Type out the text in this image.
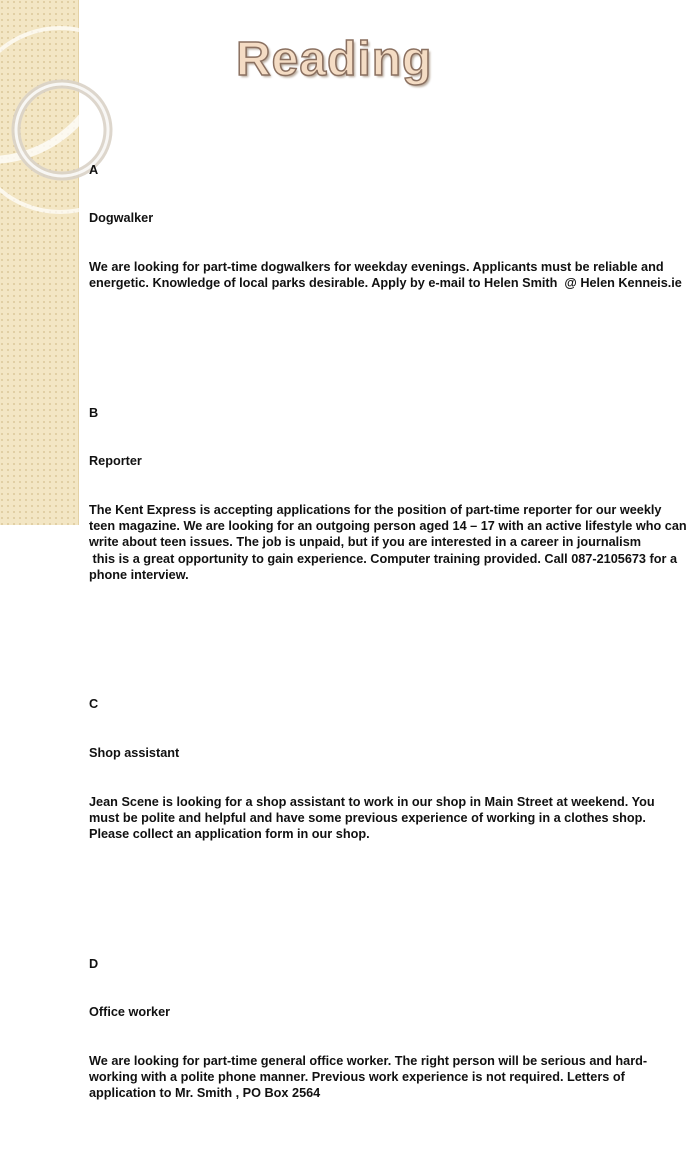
Reading

A

Dogwalker

We are looking for part-time dogwalkers for weekday evenings. Applicants must be reliable and energetic. Knowledge of local parks desirable. Apply by e-mail to Helen Smith  @ Helen Kenneis.ie

B

Reporter

The Kent Express is accepting applications for the position of part-time reporter for our weekly teen magazine. We are looking for an outgoing person aged 14 – 17 with an active lifestyle who can write about teen issues. The job is unpaid, but if you are interested in a career in journalism
this is a great opportunity to gain experience. Computer training provided. Call 087-2105673 for a phone interview.

C

Shop assistant

Jean Scene is looking for a shop assistant to work in our shop in Main Street at weekend. You  must be polite and helpful and have some previous experience of working in a clothes shop. Please collect an application form in our shop.

D

Office worker

We are looking for part-time general office worker. The right person will be serious and hard-working with a polite phone manner. Previous work experience is not required. Letters of application to Mr. Smith , PO Box 2564
